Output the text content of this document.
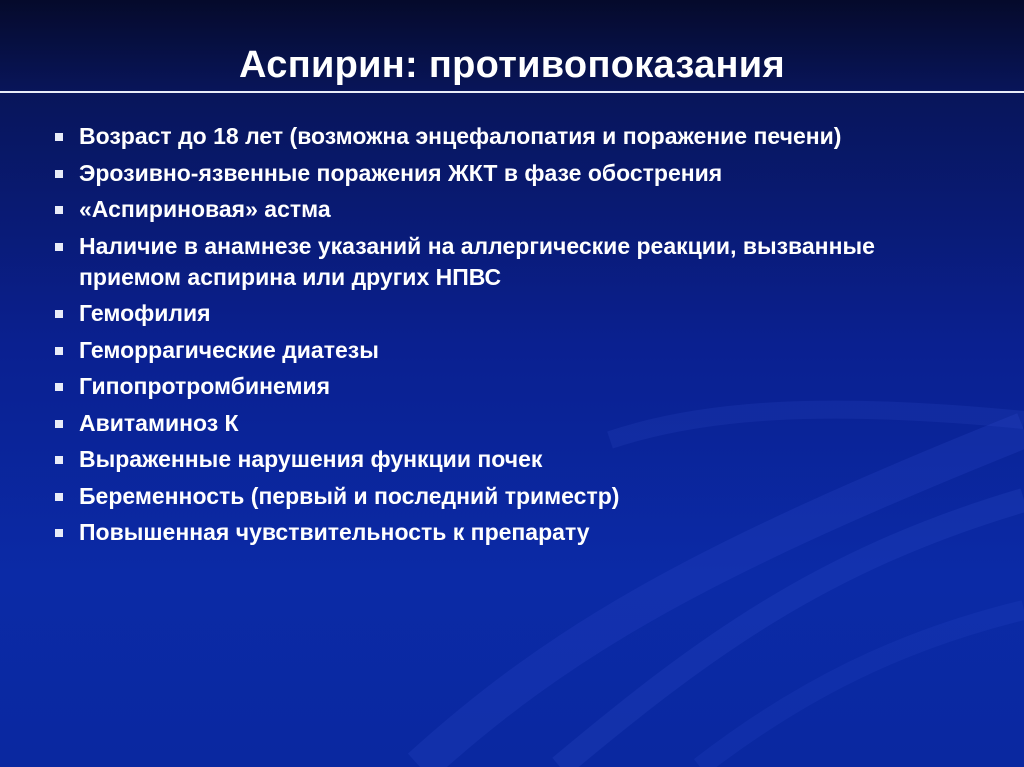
Аспирин: противопоказания
Возраст до 18 лет (возможна энцефалопатия и поражение печени)
Эрозивно-язвенные поражения ЖКТ в фазе обострения
«Аспириновая» астма
Наличие в анамнезе указаний на аллергические реакции, вызванные приемом аспирина или других НПВС
Гемофилия
Геморрагические диатезы
Гипопротромбинемия
Авитаминоз К
Выраженные нарушения функции почек
Беременность (первый и последний триместр)
Повышенная чувствительность к препарату
